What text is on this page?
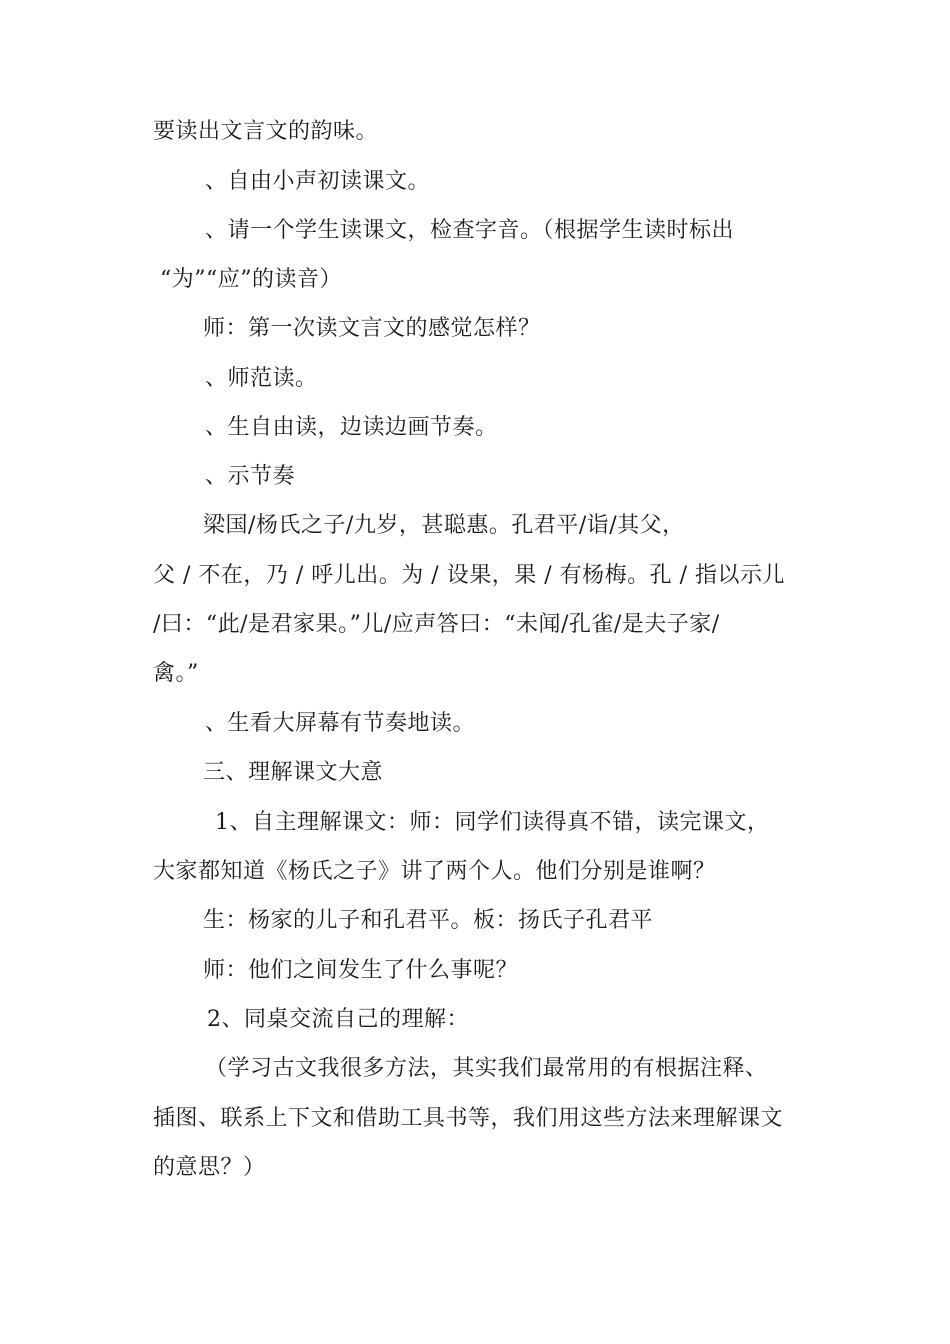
要读出文言文的韵味。
、自由小声初读课文。
、请一个学生读课文，检查字音。（根据学生读时标出
“为”“应”的读音）
师：第一次读文言文的感觉怎样？
、师范读。
、生自由读，边读边画节奏。
、示节奏
梁国/杨氏之子/九岁，甚聪惠。孔君平/诣/其父，
父 / 不在，乃 / 呼儿出。为 / 设果，果 / 有杨梅。孔 / 指以示儿
/曰：“此/是君家果。”儿/应声答曰：“未闻/孔雀/是夫子家/
禽。”
、生看大屏幕有节奏地读。
三、理解课文大意
1、自主理解课文：师：同学们读得真不错，读完课文，
大家都知道《杨氏之子》讲了两个人。他们分别是谁啊？
生：杨家的儿子和孔君平。板：扬氏子孔君平
师：他们之间发生了什么事呢？
2、同桌交流自己的理解：
（学习古文我很多方法，其实我们最常用的有根据注释、
插图、联系上下文和借助工具书等，我们用这些方法来理解课文
的意思？）
